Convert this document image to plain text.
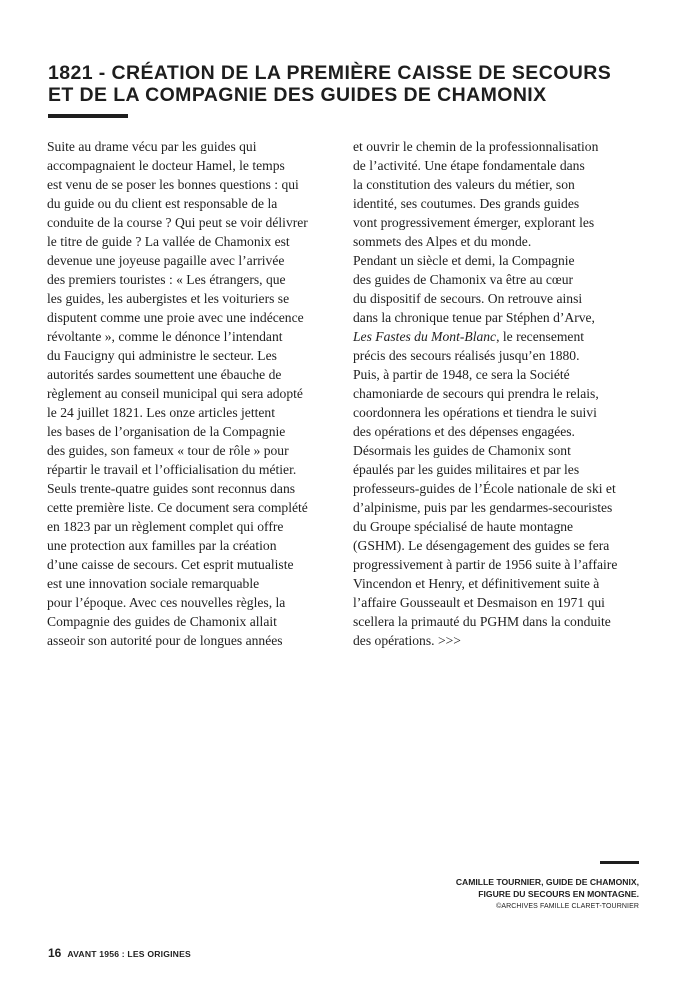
1821 - CRÉATION DE LA PREMIÈRE CAISSE DE SECOURS
ET DE LA COMPAGNIE DES GUIDES DE CHAMONIX
Suite au drame vécu par les guides qui
accompagnaient le docteur Hamel, le temps
est venu de se poser les bonnes questions : qui
du guide ou du client est responsable de la
conduite de la course ? Qui peut se voir délivrer
le titre de guide ? La vallée de Chamonix est
devenue une joyeuse pagaille avec l’arrivée
des premiers touristes : « Les étrangers, que
les guides, les aubergistes et les voituriers se
disputent comme une proie avec une indécence
révoltante », comme le dénonce l’intendant
du Faucigny qui administre le secteur. Les
autorités sardes soumettent une ébauche de
règlement au conseil municipal qui sera adopté
le 24 juillet 1821. Les onze articles jettent
les bases de l’organisation de la Compagnie
des guides, son fameux « tour de rôle » pour
répartir le travail et l’officialisation du métier.
Seuls trente-quatre guides sont reconnus dans
cette première liste. Ce document sera complété
en 1823 par un règlement complet qui offre
une protection aux familles par la création
d’une caisse de secours. Cet esprit mutualiste
est une innovation sociale remarquable
pour l’époque. Avec ces nouvelles règles, la
Compagnie des guides de Chamonix allait
asseoir son autorité pour de longues années
et ouvrir le chemin de la professionnalisation
de l’activité. Une étape fondamentale dans
la constitution des valeurs du métier, son
identité, ses coutumes. Des grands guides
vont progressivement émerger, explorant les
sommets des Alpes et du monde.
Pendant un siècle et demi, la Compagnie
des guides de Chamonix va être au cœur
du dispositif de secours. On retrouve ainsi
dans la chronique tenue par Stéphen d’Arve,
Les Fastes du Mont-Blanc, le recensement
précis des secours réalisés jusqu’en 1880.
Puis, à partir de 1948, ce sera la Société
chamoniarde de secours qui prendra le relais,
coordonnera les opérations et tiendra le suivi
des opérations et des dépenses engagées.
Désormais les guides de Chamonix sont
épaulés par les guides militaires et par les
professeurs-guides de l’École nationale de ski et
d’alpinisme, puis par les gendarmes-secouristes
du Groupe spécialisé de haute montagne
(GSHM). Le désengagement des guides se fera
progressivement à partir de 1956 suite à l’affaire
Vincendon et Henry, et définitivement suite à
l’affaire Gousseault et Desmaison en 1971 qui
scellera la primauté du PGHM dans la conduite
des opérations. >>>
CAMILLE TOURNIER, GUIDE DE CHAMONIX,
FIGURE DU SECOURS EN MONTAGNE.
©ARCHIVES FAMILLE CLARET-TOURNIER
16 AVANT 1956 : LES ORIGINES
